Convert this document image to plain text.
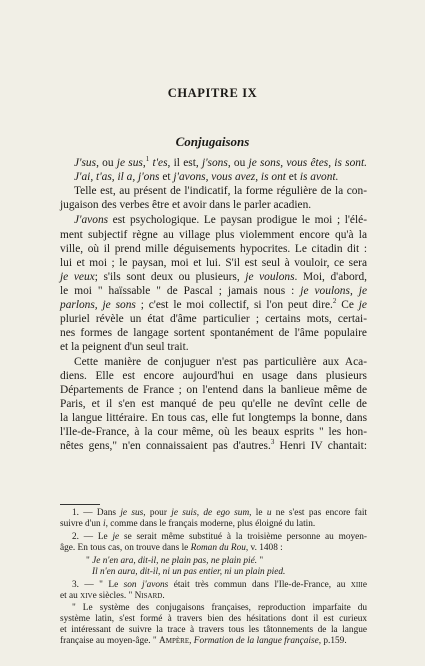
CHAPITRE IX
Conjugaisons
J'sus, ou je sus,$^1$ t'es, il est, j'sons, ou je sons, vous êtes, is sont.
J'ai, t'as, il a, j'ons et j'avons, vous avez, is ont et is avont.
Telle est, au présent de l'indicatif, la forme régulière de la con-
jugaison des verbes être et avoir dans le parler acadien.
J'avons est psychologique. Le paysan prodigue le moi ; l'élé-
ment subjectif règne au village plus violemment encore qu'à la
ville, où il prend mille déguisements hypocrites. Le citadin dit :
lui et moi ; le paysan, moi et lui. S'il est seul à vouloir, ce sera
je veux; s'ils sont deux ou plusieurs, je voulons. Moi, d'abord,
le moi " haïssable " de Pascal ; jamais nous : je voulons, je
parlons, je sons ; c'est le moi collectif, si l'on peut dire.$^2$ Ce je
pluriel révèle un état d'âme particulier ; certains mots, certai-
nes formes de langage sortent spontanément de l'âme populaire
et la peignent d'un seul trait.
Cette manière de conjuguer n'est pas particulière aux Aca-
diens. Elle est encore aujourd'hui en usage dans plusieurs
Départements de France ; on l'entend dans la banlieue même de
Paris, et il s'en est manqué de peu qu'elle ne devînt celle de
la langue littéraire. En tous cas, elle fut longtemps la bonne, dans
l'Ile-de-France, à la cour même, où les beaux esprits " les hon-
nêtes gens," n'en connaissaient pas d'autres.$^3$ Henri IV chantait:
1. — Dans je sus, pour je suis, de ego sum, le u ne s'est pas encore fait
suivre d'un i, comme dans le français moderne, plus éloigné du latin.
2. — Le je se serait même substitué à la troisième personne au moyen-
âge. En tous cas, on trouve dans le Roman du Rou, v. 1408 :
" Je n'en ara, dit-il, ne plain pas, ne plain pié. "
Il n'en aura, dit-il, ni un pas entier, ni un plain pied.
3. — " Le son j'avons était très commun dans l'Ile-de-France, au xiiie
et au xive siècles. " Nisard.
" Le système des conjugaisons françaises, reproduction imparfaite du
système latin, s'est formé à travers bien des hésitations dont il est curieux
et intéressant de suivre la trace à travers tous les tâtonnements de la langue
française au moyen-âge. " Ampère, Formation de la langue française, p.159.
